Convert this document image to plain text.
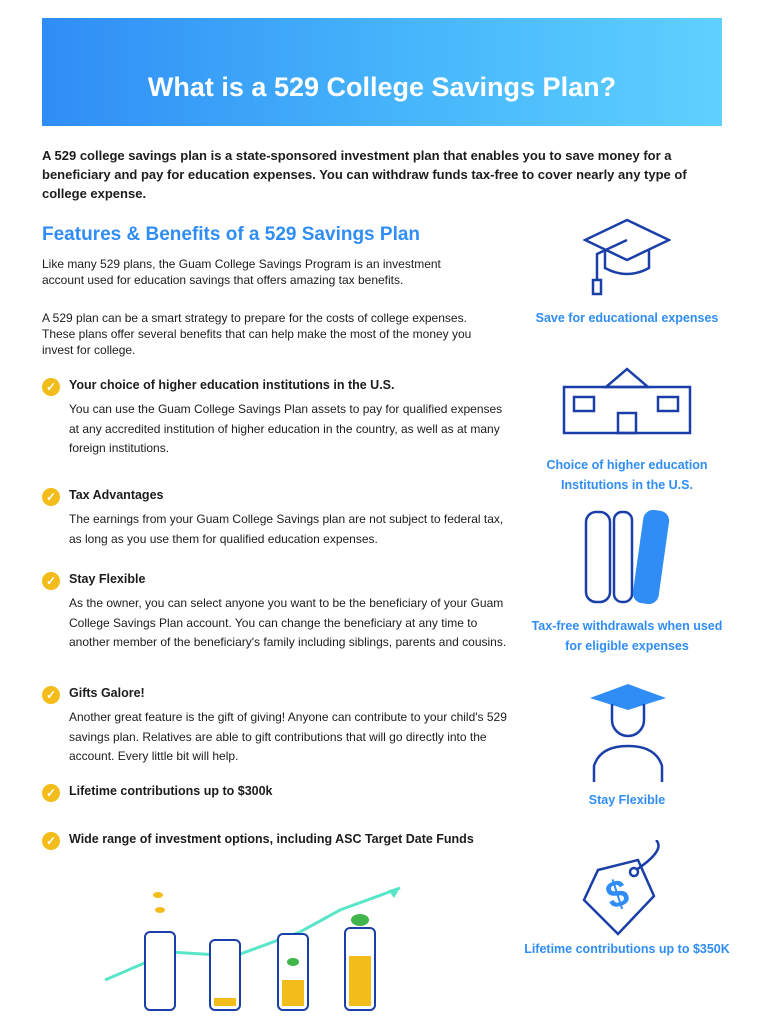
What is a 529 College Savings Plan?
A 529 college savings plan is a state-sponsored investment plan that enables you to save money for a beneficiary and pay for education expenses. You can withdraw funds tax-free to cover nearly any type of college expense.
Features & Benefits of a 529 Savings Plan

Like many 529 plans, the Guam College Savings Program is an investment account used for education savings that offers amazing tax benefits.

A 529 plan can be a smart strategy to prepare for the costs of college expenses. These plans offer several benefits that can help make the most of the money you invest for college.

✓	Your choice of higher education institutions in the U.S.

You can use the Guam College Savings Plan assets to pay for qualified expenses at any accredited institution of higher education in the country, as well as at many foreign institutions.

✓	Tax Advantages

The earnings from your Guam College Savings plan are not subject to federal tax, as long as you use them for qualified education expenses.

✓	Stay Flexible

As the owner, you can select anyone you want to be the beneficiary of your Guam College Savings Plan account. You can change the beneficiary at any time to another member of the beneficiary's family including siblings, parents and cousins.

✓	Gifts Galore!

Another great feature is the gift of giving! Anyone can contribute to your child's 529 savings plan. Relatives are able to gift contributions that will go directly into the account. Every little bit will help.

✓	Lifetime contributions up to $300k
✓	Wide range of investment options, including ASC Target Date Funds
Save for educational expenses
Choice of higher education Institutions in the U.S.
Tax-free withdrawals when used for eligible expenses
Stay Flexible
$
Lifetime contributions up to $350K
